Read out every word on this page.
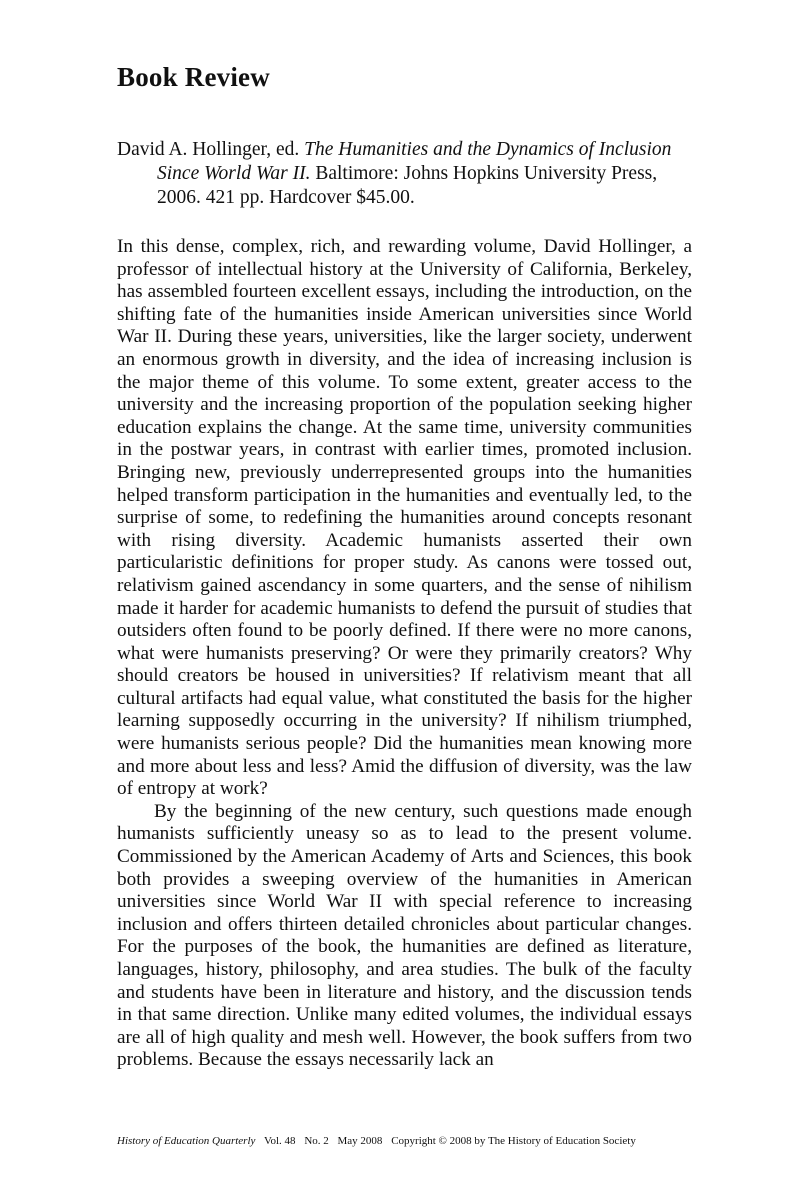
Book Review

David A. Hollinger, ed. The Humanities and the Dynamics of Inclusion Since World War II. Baltimore: Johns Hopkins University Press, 2006. 421 pp. Hardcover $45.00.

In this dense, complex, rich, and rewarding volume, David Hollinger, a professor of intellectual history at the University of California, Berkeley, has assembled fourteen excellent essays, including the introduction, on the shifting fate of the humanities inside American universities since World War II. During these years, universities, like the larger society, underwent an enormous growth in diversity, and the idea of increasing inclusion is the major theme of this volume. To some extent, greater access to the university and the increasing proportion of the population seeking higher education explains the change. At the same time, university communities in the postwar years, in contrast with earlier times, promoted inclusion. Bringing new, previously underrepresented groups into the humanities helped transform participation in the humanities and eventually led, to the surprise of some, to redefining the humanities around concepts resonant with rising diversity. Academic humanists asserted their own particularistic definitions for proper study. As canons were tossed out, relativism gained ascendancy in some quarters, and the sense of nihilism made it harder for academic humanists to defend the pursuit of studies that outsiders often found to be poorly defined. If there were no more canons, what were humanists preserving? Or were they primarily creators? Why should creators be housed in universities? If relativism meant that all cultural artifacts had equal value, what constituted the basis for the higher learning supposedly occurring in the university? If nihilism triumphed, were humanists serious people? Did the humanities mean knowing more and more about less and less? Amid the diffusion of diversity, was the law of entropy at work?

By the beginning of the new century, such questions made enough humanists sufficiently uneasy so as to lead to the present volume. Commissioned by the American Academy of Arts and Sciences, this book both provides a sweeping overview of the humanities in American universities since World War II with special reference to increasing inclusion and offers thirteen detailed chronicles about particular changes. For the purposes of the book, the humanities are defined as literature, languages, history, philosophy, and area studies. The bulk of the faculty and students have been in literature and history, and the discussion tends in that same direction. Unlike many edited volumes, the individual essays are all of high quality and mesh well. However, the book suffers from two problems. Because the essays necessarily lack an

History of Education Quarterly Vol. 48 No. 2 May 2008 Copyright © 2008 by The History of Education Society
